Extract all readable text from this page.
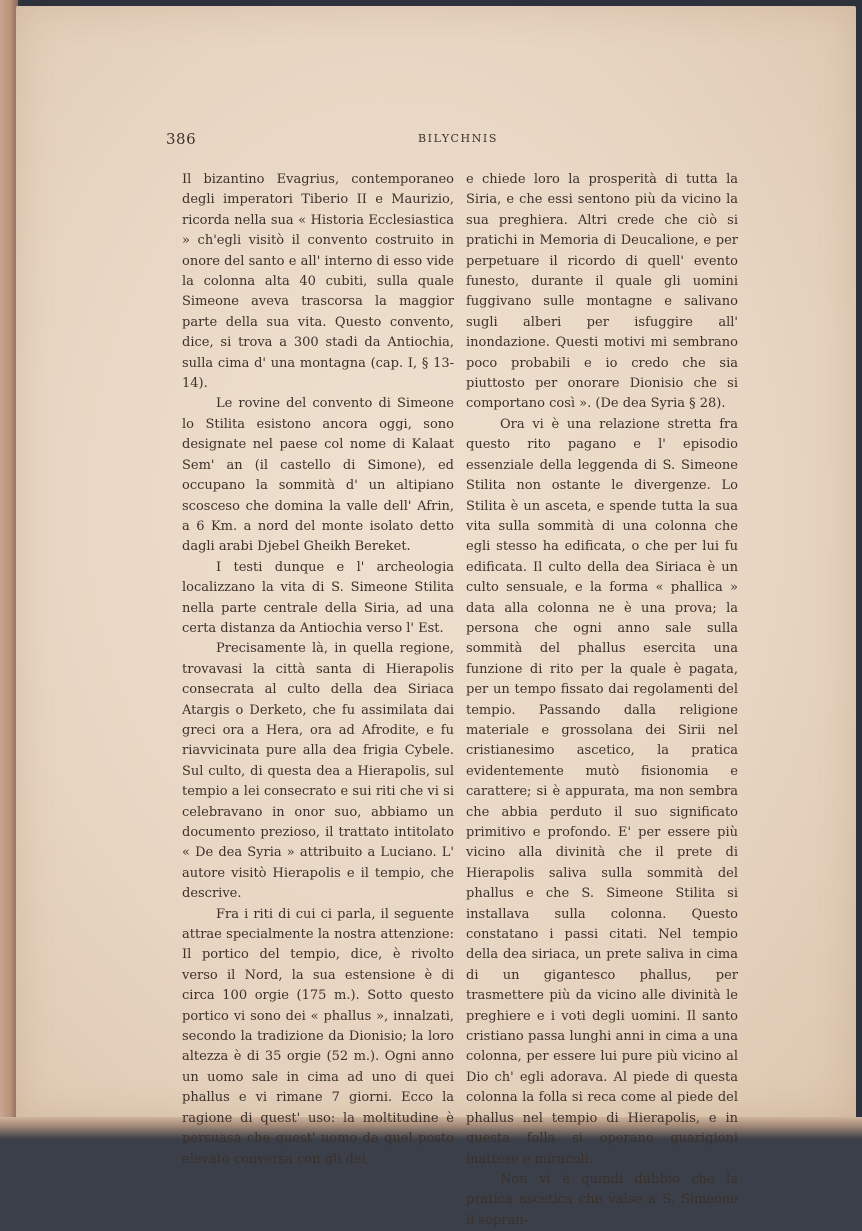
386	BILYCHNIS

Il bizantino Evagrius, contemporaneo degli imperatori Tiberio II e Maurizio, ricorda nella sua « Historia Ecclesiastica » ch'egli visitò il convento costruito in onore del santo e all' interno di esso vide la colonna alta 40 cubiti, sulla quale Simeone aveva trascorsa la maggior parte della sua vita. Questo convento, dice, si trova a 300 stadi da Antiochia, sulla cima d' una montagna (cap. I, § 13-14).

Le rovine del convento di Simeone lo Stilita esistono ancora oggi, sono designate nel paese col nome di Kalaat Sem' an (il castello di Simone), ed occupano la sommità d' un altipiano scosceso che domina la valle dell' Afrin, a 6 Km. a nord del monte isolato detto dagli arabi Djebel Gheikh Bereket.

I testi dunque e l' archeologia localizzano la vita di S. Simeone Stilita nella parte centrale della Siria, ad una certa distanza da Antiochia verso l' Est.

Precisamente là, in quella regione, trovavasi la città santa di Hierapolis consecrata al culto della dea Siriaca Atargis o Derketo, che fu assimilata dai greci ora a Hera, ora ad Afrodite, e fu riavvicinata pure alla dea frigia Cybele. Sul culto, di questa dea a Hierapolis, sul tempio a lei consecrato e sui riti che vi si celebravano in onor suo, abbiamo un documento prezioso, il trattato intitolato « De dea Syria » attribuito a Luciano. L' autore visitò Hierapolis e il tempio, che descrive.

Fra i riti di cui ci parla, il seguente attrae specialmente la nostra attenzione: Il portico del tempio, dice, è rivolto verso il Nord, la sua estensione è di circa 100 orgie (175 m.). Sotto questo portico vi sono dei « phallus », innalzati, secondo la tradizione da Dionisio; la loro altezza è di 35 orgie (52 m.). Ogni anno un uomo sale in cima ad uno di quei phallus e vi rimane 7 giorni. Ecco la ragione di quest' uso: la moltitudine è persuasa che quest' uomo da quel posto elevato conversa con gli dei,

e chiede loro la prosperità di tutta la Siria, e che essi sentono più da vicino la sua preghiera. Altri crede che ciò si pratichi in Memoria di Deucalione, e per perpetuare il ricordo di quell' evento funesto, durante il quale gli uomini fuggivano sulle montagne e salivano sugli alberi per isfuggire all' inondazione. Questi motivi mi sembrano poco probabili e io credo che sia piuttosto per onorare Dionisio che si comportano così ». (De dea Syria § 28).

Ora vi è una relazione stretta fra questo rito pagano e l' episodio essenziale della leggenda di S. Simeone Stilita non ostante le divergenze. Lo Stilita è un asceta, e spende tutta la sua vita sulla sommità di una colonna che egli stesso ha edificata, o che per lui fu edificata. Il culto della dea Siriaca è un culto sensuale, e la forma « phallica » data alla colonna ne è una prova; la persona che ogni anno sale sulla sommità del phallus esercita una funzione di rito per la quale è pagata, per un tempo fissato dai regolamenti del tempio. Passando dalla religione materiale e grossolana dei Sirii nel cristianesimo ascetico, la pratica evidentemente mutò fisionomia e carattere; si è appurata, ma non sembra che abbia perduto il suo significato primitivo e profondo. E' per essere più vicino alla divinità che il prete di Hierapolis saliva sulla sommità del phallus e che S. Simeone Stilita si installava sulla colonna. Questo constatano i passi citati. Nel tempio della dea siriaca, un prete saliva in cima di un gigantesco phallus, per trasmettere più da vicino alle divinità le preghiere e i voti degli uomini. Il santo cristiano passa lunghi anni in cima a una colonna, per essere lui pure più vicino al Dio ch' egli adorava. Al piede di questa colonna la folla si reca come al piede del phallus nel tempio di Hierapolis, e in questa folla si operano guarigioni inattese e miracoli.

Non vi è quindi dubbio che la pratica ascetica che valse a S. Simeone il sopran-
